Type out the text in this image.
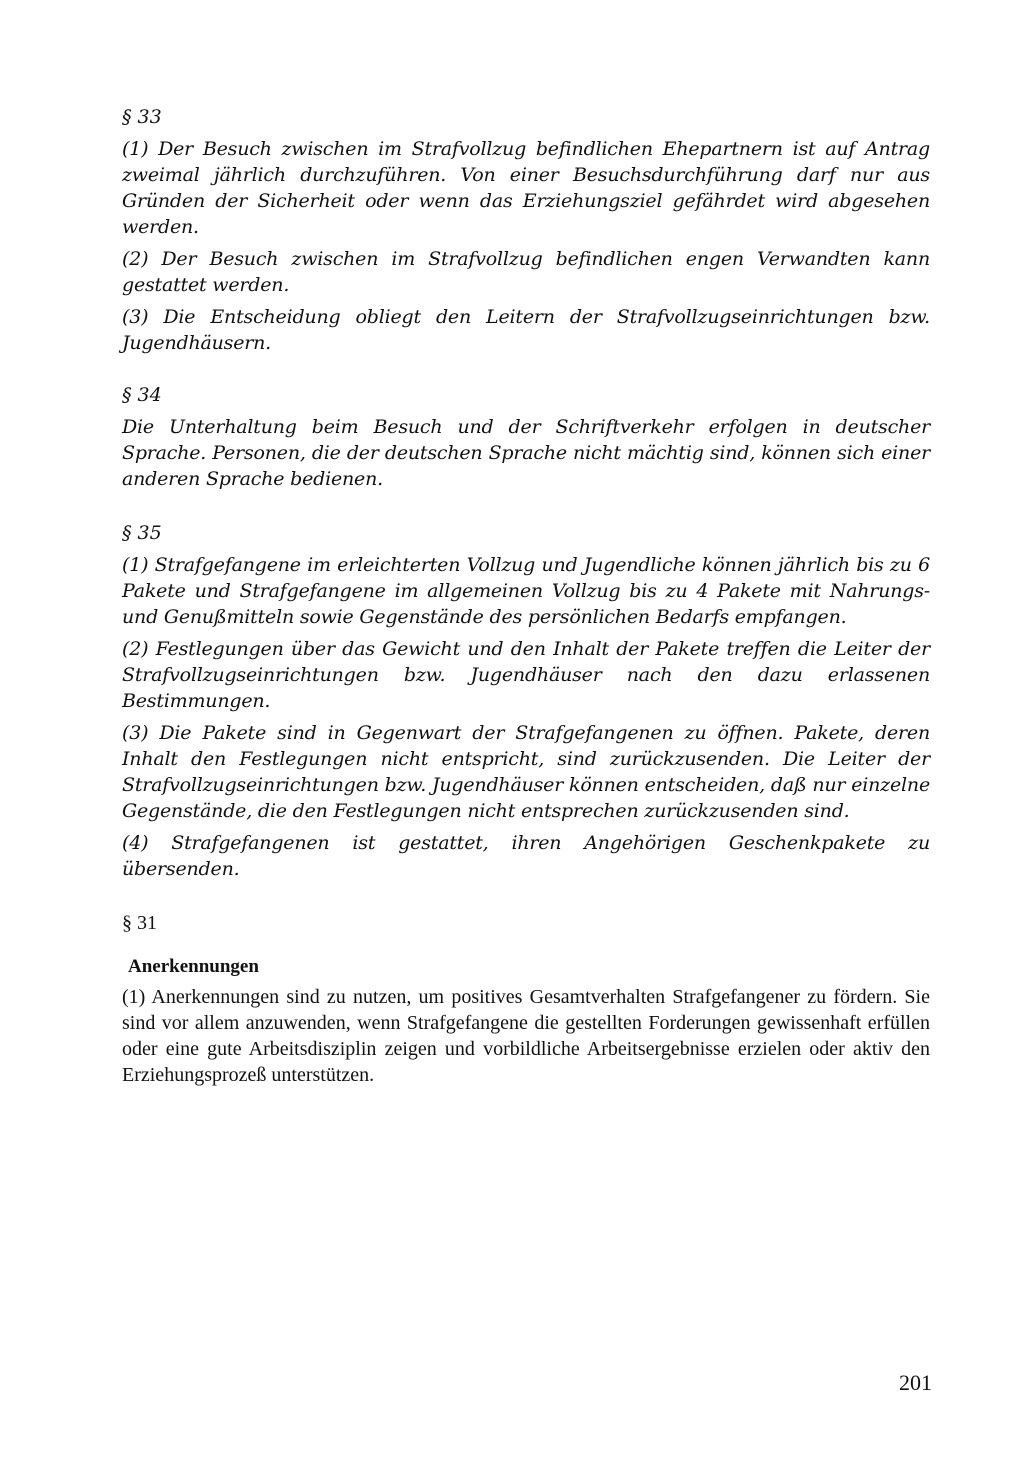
§ 33

(1) Der Besuch zwischen im Strafvollzug befindlichen Ehepartnern ist auf Antrag zweimal jährlich durchzuführen. Von einer Besuchsdurchführung darf nur aus Gründen der Sicherheit oder wenn das Erziehungsziel gefährdet wird abgesehen werden.

(2) Der Besuch zwischen im Strafvollzug befindlichen engen Verwandten kann gestattet werden.

(3) Die Entscheidung obliegt den Leitern der Strafvollzugseinrichtungen bzw. Jugendhäusern.

§ 34

Die Unterhaltung beim Besuch und der Schriftverkehr erfolgen in deutscher Sprache. Personen, die der deutschen Sprache nicht mächtig sind, können sich einer anderen Sprache bedienen.

§ 35

(1) Strafgefangene im erleichterten Vollzug und Jugendliche können jährlich bis zu 6 Pakete und Strafgefangene im allgemeinen Vollzug bis zu 4 Pakete mit Nahrungs- und Genußmitteln sowie Gegenstände des persönlichen Bedarfs empfangen.

(2) Festlegungen über das Gewicht und den Inhalt der Pakete treffen die Leiter der Strafvollzugseinrichtungen bzw. Jugendhäuser nach den dazu erlassenen Bestimmungen.

(3) Die Pakete sind in Gegenwart der Strafgefangenen zu öffnen. Pakete, deren Inhalt den Festlegungen nicht entspricht, sind zurückzusenden. Die Leiter der Strafvollzugseinrichtungen bzw. Jugendhäuser können entscheiden, daß nur einzelne Gegenstände, die den Festlegungen nicht entsprechen zurückzusenden sind.

(4) Strafgefangenen ist gestattet, ihren Angehörigen Geschenkpakete zu übersenden.

§ 31

Anerkennungen

(1) Anerkennungen sind zu nutzen, um positives Gesamtverhalten Strafgefangener zu fördern. Sie sind vor allem anzuwenden, wenn Strafgefangene die gestellten Forderungen gewissenhaft erfüllen oder eine gute Arbeitsdisziplin zeigen und vorbildliche Arbeitsergebnisse erzielen oder aktiv den Erziehungsprozeß unterstützen.

201
